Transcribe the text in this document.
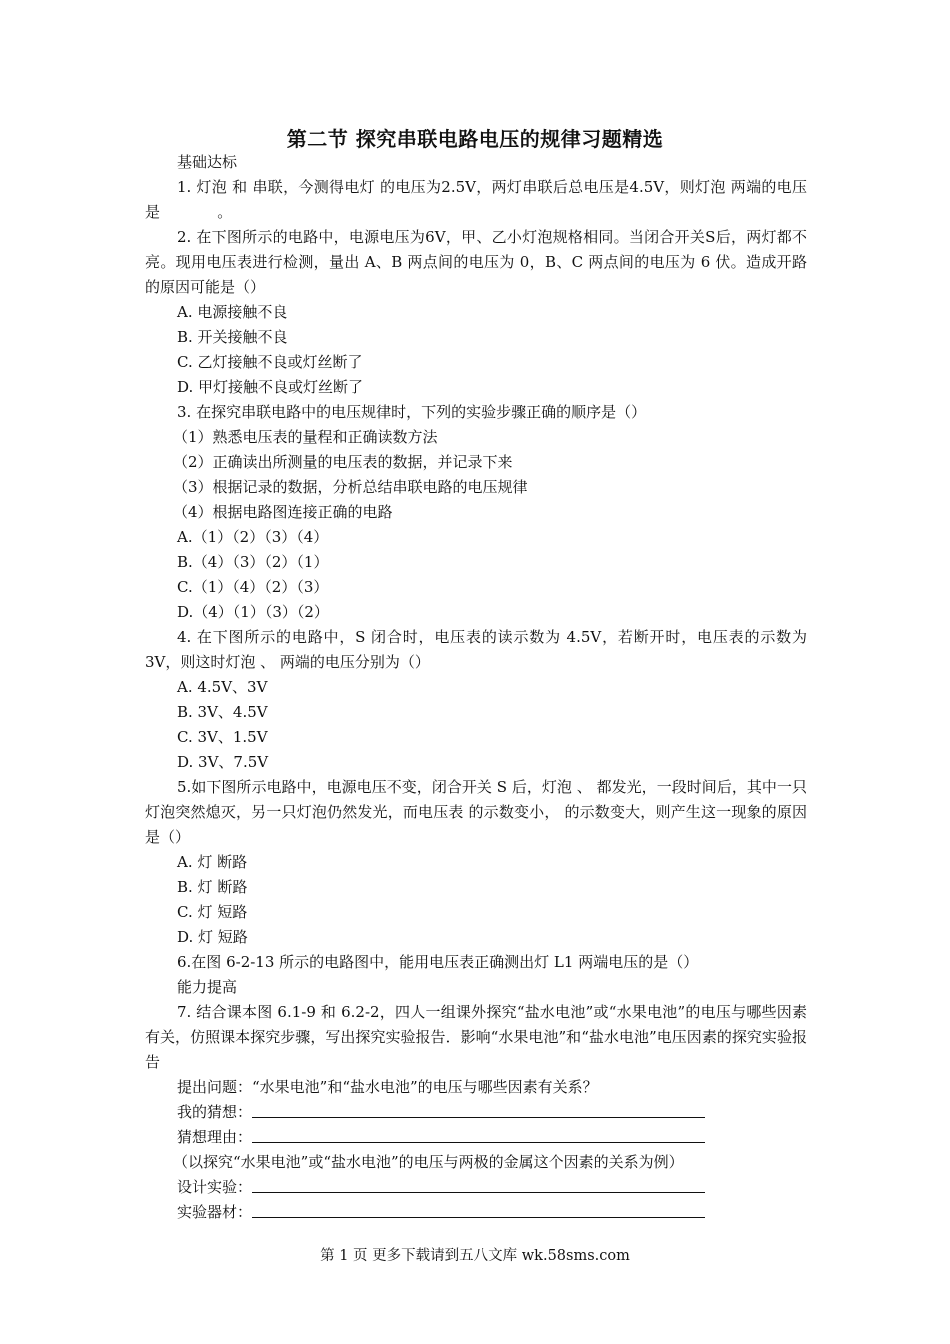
第二节 探究串联电路电压的规律习题精选

基础达标

1. 灯泡 和 串联，今测得电灯 的电压为2.5V，两灯串联后总电压是4.5V，则灯泡 两端的电压是	。

2. 在下图所示的电路中，电源电压为6V，甲、乙小灯泡规格相同。当闭合开关S后，两灯都不亮。现用电压表进行检测，量出 A、B 两点间的电压为 0，B、C 两点间的电压为 6 伏。造成开路的原因可能是（）

A. 电源接触不良

B. 开关接触不良

C. 乙灯接触不良或灯丝断了

D. 甲灯接触不良或灯丝断了

3. 在探究串联电路中的电压规律时，下列的实验步骤正确的顺序是（）

（1）熟悉电压表的量程和正确读数方法

（2）正确读出所测量的电压表的数据，并记录下来

（3）根据记录的数据，分析总结串联电路的电压规律

（4）根据电路图连接正确的电路

A.（1）（2）（3）（4）

B.（4）（3）（2）（1）

C.（1）（4）（2）（3）

D.（4）（1）（3）（2）

4. 在下图所示的电路中，S 闭合时，电压表的读示数为 4.5V，若断开时，电压表的示数为 3V，则这时灯泡 、 两端的电压分别为（）

A. 4.5V、3V

B. 3V、4.5V

C. 3V、1.5V

D. 3V、7.5V

5.如下图所示电路中，电源电压不变，闭合开关 S 后，灯泡 、 都发光，一段时间后，其中一只灯泡突然熄灭，另一只灯泡仍然发光，而电压表 的示数变小， 的示数变大，则产生这一现象的原因是（）

A. 灯 断路

B. 灯 断路

C. 灯 短路

D. 灯 短路

6.在图 6-2-13 所示的电路图中，能用电压表正确测出灯 L1 两端电压的是（）

能力提高

7. 结合课本图 6.1-9 和 6.2-2，四人一组课外探究“盐水电池”或“水果电池”的电压与哪些因素有关，仿照课本探究步骤，写出探究实验报告．影响“水果电池”和“盐水电池”电压因素的探究实验报告

提出问题：“水果电池”和“盐水电池”的电压与哪些因素有关系？

我的猜想：
猜想理由：

（以探究“水果电池”或“盐水电池”的电压与两极的金属这个因素的关系为例）

设计实验：
实验器材：
第 1 页 更多下载请到五八文库 wk.58sms.com
